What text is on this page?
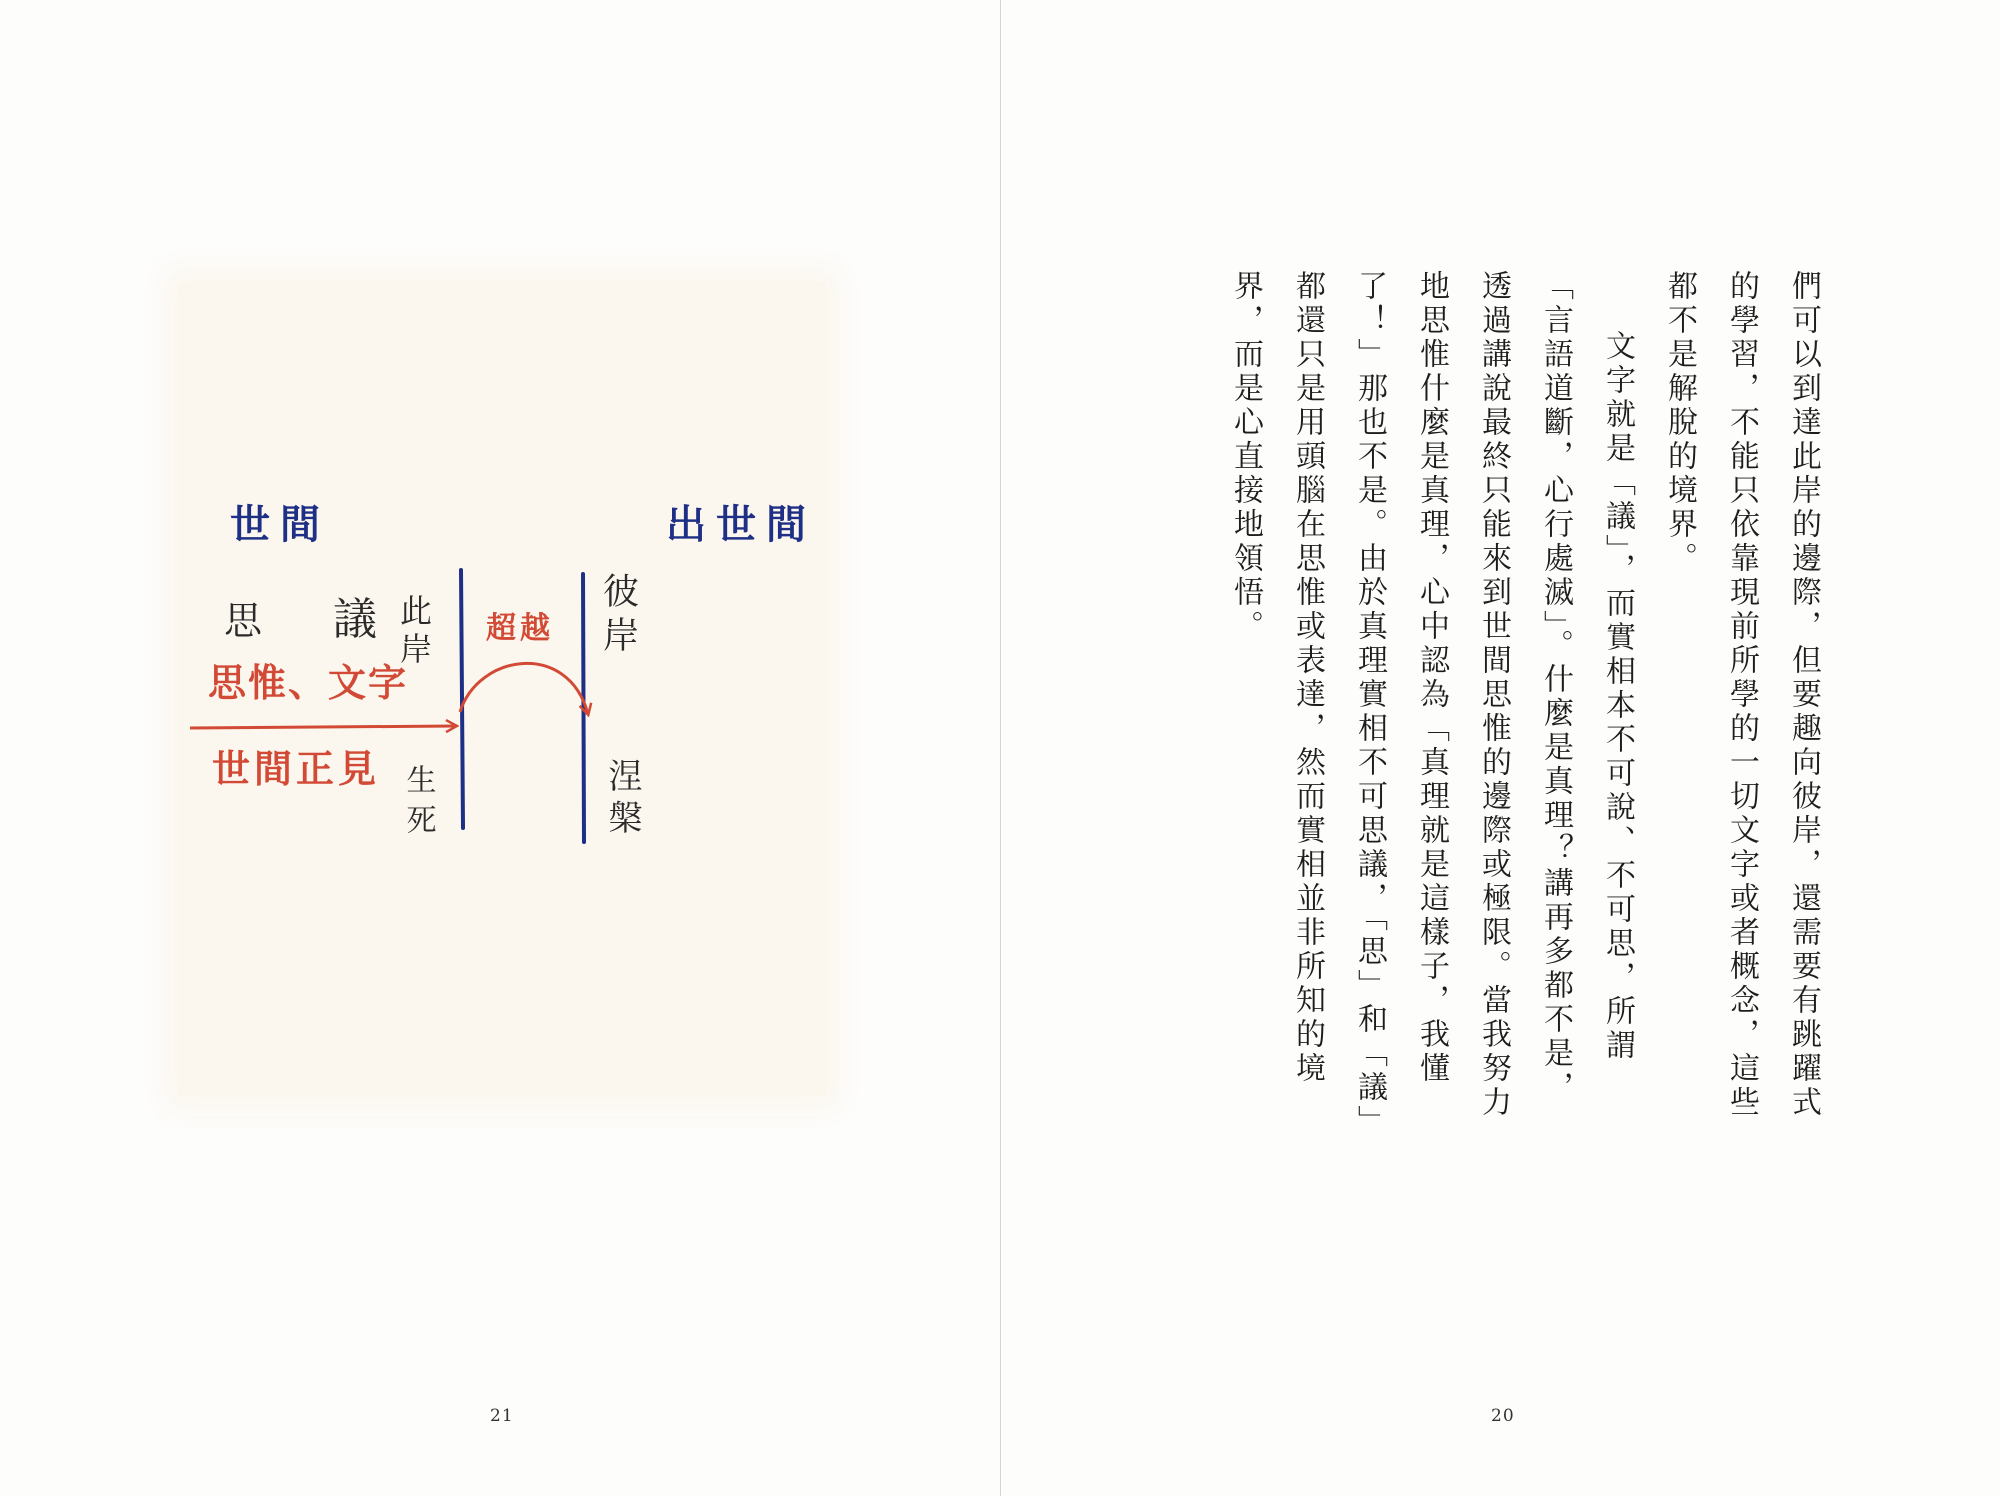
世間	出世間
思 議 此岸	彼岸
超越
思惟、文字
世間正見 生死	涅槃
21

們可以到達此岸的邊際，但要趣向彼岸，還需要有跳躍式的學習，不能只依靠現前所學的一切文字或者概念，這些都不是解脫的境界。

文字就是「議」，而實相本不可說、不可思，所謂「言語道斷，心行處滅」。什麼是真理？講再多都不是，透過講說最終只能來到世間思惟的邊際或極限。當我努力地思惟什麼是真理，心中認為「真理就是這樣子，我懂了！」那也不是。由於真理實相不可思議，「思」和「議」都還只是用頭腦在思惟或表達，然而實相並非所知的境界，而是心直接地領悟。

20
